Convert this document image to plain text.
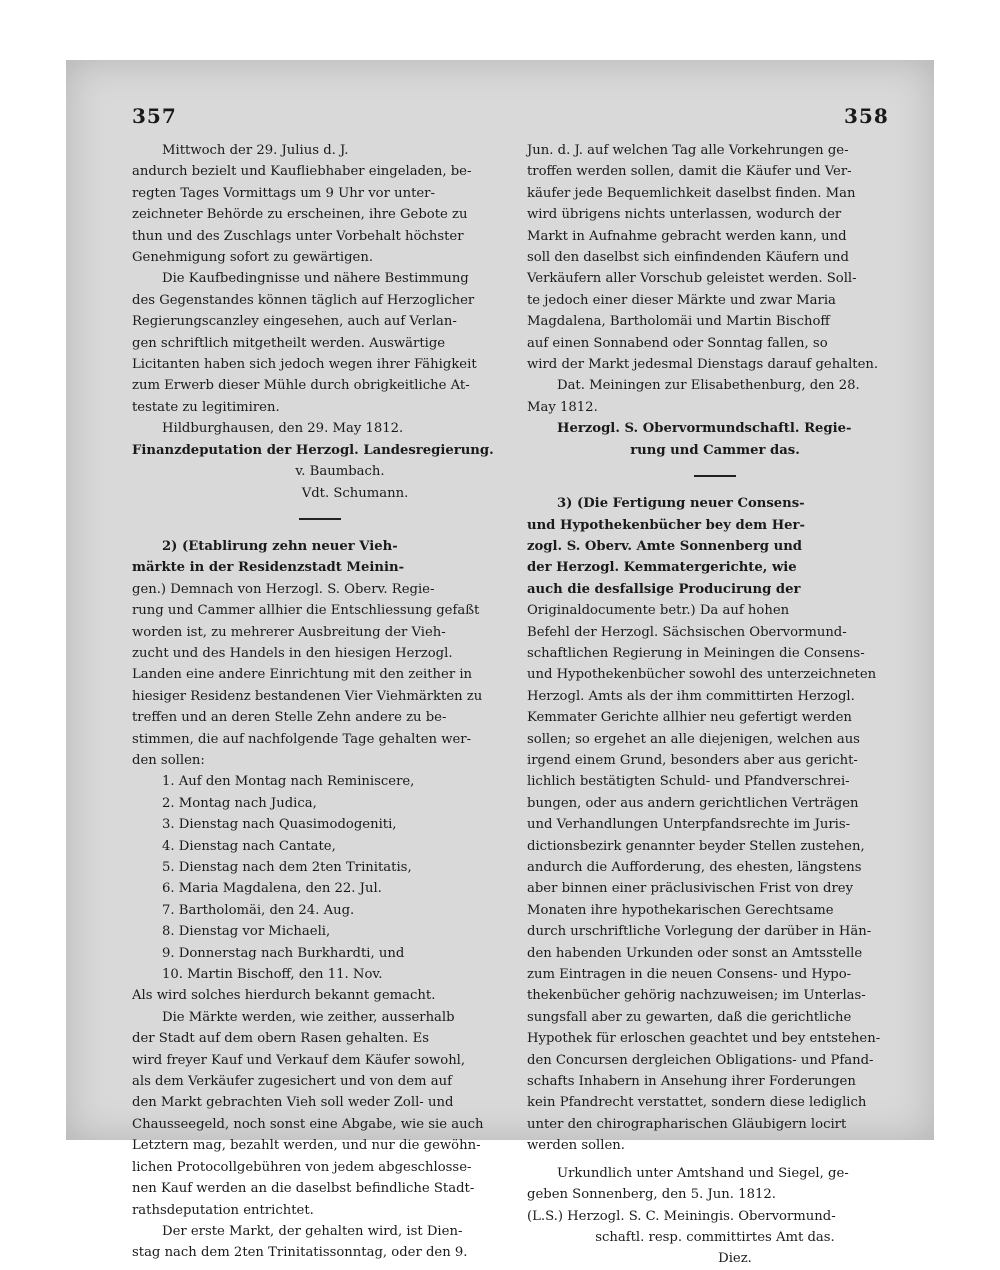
357	358

Mittwoch der 29. Julius d. J.

andurch bezielt und Kaufliebhaber eingeladen, be-

regten Tages Vormittags um 9 Uhr vor unter-

zeichneter Behörde zu erscheinen, ihre Gebote zu

thun und des Zuschlags unter Vorbehalt höchster

Genehmigung sofort zu gewärtigen.

Die Kaufbedingnisse und nähere Bestimmung

des Gegenstandes können täglich auf Herzoglicher

Regierungscanzley eingesehen, auch auf Verlan-

gen schriftlich mitgetheilt werden. Auswärtige

Licitanten haben sich jedoch wegen ihrer Fähigkeit

zum Erwerb dieser Mühle durch obrigkeitliche At-

testate zu legitimiren.

Hildburghausen, den 29. May 1812.

Finanzdeputation der Herzogl. Landesregierung.

v. Baumbach.

Vdt. Schumann.

2) (Etablirung zehn neuer Vieh-

märkte in der Residenzstadt Meinin-

gen.) Demnach von Herzogl. S. Oberv. Regie-

rung und Cammer allhier die Entschliessung gefaßt

worden ist, zu mehrerer Ausbreitung der Vieh-

zucht und des Handels in den hiesigen Herzogl.

Landen eine andere Einrichtung mit den zeither in

hiesiger Residenz bestandenen Vier Viehmärkten zu

treffen und an deren Stelle Zehn andere zu be-

stimmen, die auf nachfolgende Tage gehalten wer-

den sollen:

1. Auf den Montag nach Reminiscere,

2. Montag nach Judica,

3. Dienstag nach Quasimodogeniti,

4. Dienstag nach Cantate,

5. Dienstag nach dem 2ten Trinitatis,

6. Maria Magdalena, den 22. Jul.

7. Bartholomäi, den 24. Aug.

8. Dienstag vor Michaeli,

9. Donnerstag nach Burkhardti, und

10. Martin Bischoff, den 11. Nov.

Als wird solches hierdurch bekannt gemacht.

Die Märkte werden, wie zeither, ausserhalb

der Stadt auf dem obern Rasen gehalten. Es

wird freyer Kauf und Verkauf dem Käufer sowohl,

als dem Verkäufer zugesichert und von dem auf

den Markt gebrachten Vieh soll weder Zoll- und

Chausseegeld, noch sonst eine Abgabe, wie sie auch

Letztern mag, bezahlt werden, und nur die gewöhn-

lichen Protocollgebühren von jedem abgeschlosse-

nen Kauf werden an die daselbst befindliche Stadt-

rathsdeputation entrichtet.

Der erste Markt, der gehalten wird, ist Dien-

stag nach dem 2ten Trinitatissonntag, oder den 9.

Jun. d. J. auf welchen Tag alle Vorkehrungen ge-

troffen werden sollen, damit die Käufer und Ver-

käufer jede Bequemlichkeit daselbst finden. Man

wird übrigens nichts unterlassen, wodurch der

Markt in Aufnahme gebracht werden kann, und

soll den daselbst sich einfindenden Käufern und

Verkäufern aller Vorschub geleistet werden. Soll-

te jedoch einer dieser Märkte und zwar Maria

Magdalena, Bartholomäi und Martin Bischoff

auf einen Sonnabend oder Sonntag fallen, so

wird der Markt jedesmal Dienstags darauf gehalten.

Dat. Meiningen zur Elisabethenburg, den 28.

May 1812.

Herzogl. S. Obervormundschaftl. Regie-

rung und Cammer das.

3) (Die Fertigung neuer Consens-

und Hypothekenbücher bey dem Her-

zogl. S. Oberv. Amte Sonnenberg und

der Herzogl. Kemmatergerichte, wie

auch die desfallsige Producirung der

Originaldocumente betr.) Da auf hohen

Befehl der Herzogl. Sächsischen Obervormund-

schaftlichen Regierung in Meiningen die Consens-

und Hypothekenbücher sowohl des unterzeichneten

Herzogl. Amts als der ihm committirten Herzogl.

Kemmater Gerichte allhier neu gefertigt werden

sollen; so ergehet an alle diejenigen, welchen aus

irgend einem Grund, besonders aber aus gericht-

lichlich bestätigten Schuld- und Pfandverschrei-

bungen, oder aus andern gerichtlichen Verträgen

und Verhandlungen Unterpfandsrechte im Juris-

dictionsbezirk genannter beyder Stellen zustehen,

andurch die Aufforderung, des ehesten, längstens

aber binnen einer präclusivischen Frist von drey

Monaten ihre hypothekarischen Gerechtsame

durch urschriftliche Vorlegung der darüber in Hän-

den habenden Urkunden oder sonst an Amtsstelle

zum Eintragen in die neuen Consens- und Hypo-

thekenbücher gehörig nachzuweisen; im Unterlas-

sungsfall aber zu gewarten, daß die gerichtliche

Hypothek für erloschen geachtet und bey entstehen-

den Concursen dergleichen Obligations- und Pfand-

schafts Inhabern in Ansehung ihrer Forderungen

kein Pfandrecht verstattet, sondern diese lediglich

unter den chirographarischen Gläubigern locirt

werden sollen.

Urkundlich unter Amtshand und Siegel, ge-

geben Sonnenberg, den 5. Jun. 1812.

(L.S.) Herzogl. S. C. Meiningis. Obervormund-

schaftl. resp. committirtes Amt das.

Diez.
